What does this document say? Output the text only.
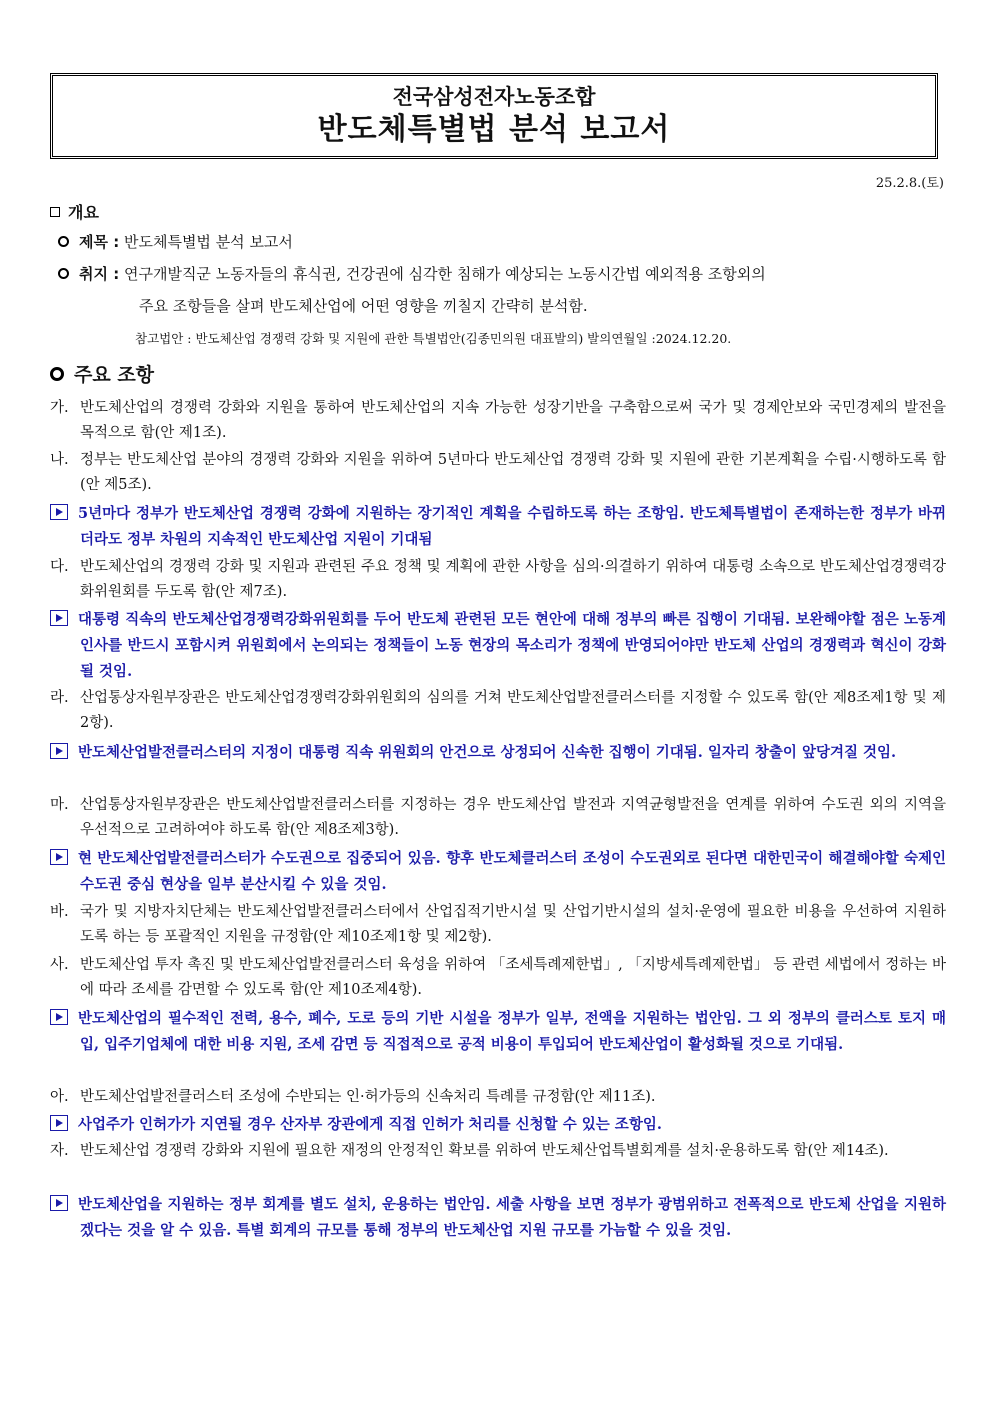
전국삼성전자노동조합
반도체특별법 분석 보고서
25.2.8.(토)
개요
제목 : 반도체특별법 분석 보고서
취지 : 연구개발직군 노동자들의 휴식권, 건강권에 심각한 침해가 예상되는 노동시간법 예외적용 조항외의
주요 조항들을 살펴 반도체산업에 어떤 영향을 끼칠지 간략히 분석함.
참고법안 : 반도체산업 경쟁력 강화 및 지원에 관한 특별법안(김종민의원 대표발의) 발의연월일 :2024.12.20.
주요 조항
가. 반도체산업의 경쟁력 강화와 지원을 통하여 반도체산업의 지속 가능한 성장기반을 구축함으로써 국가 및 경제안보와 국민경제의 발전을 목적으로 함(안 제1조).
나. 정부는 반도체산업 분야의 경쟁력 강화와 지원을 위하여 5년마다 반도체산업 경쟁력 강화 및 지원에 관한 기본계획을 수립·시행하도록 함(안 제5조).
5년마다 정부가 반도체산업 경쟁력 강화에 지원하는 장기적인 계획을 수립하도록 하는 조항임. 반도체특별법이 존재하는한 정부가 바뀌더라도 정부 차원의 지속적인 반도체산업 지원이 기대됨
다. 반도체산업의 경쟁력 강화 및 지원과 관련된 주요 정책 및 계획에 관한 사항을 심의·의결하기 위하여 대통령 소속으로 반도체산업경쟁력강화위원회를 두도록 함(안 제7조).
대통령 직속의 반도체산업경쟁력강화위원회를 두어 반도체 관련된 모든 현안에 대해 정부의 빠른 집행이 기대됨. 보완해야할 점은 노동계 인사를 반드시 포함시켜 위원회에서 논의되는 정책들이 노동 현장의 목소리가 정책에 반영되어야만 반도체 산업의 경쟁력과 혁신이 강화될 것임.
라. 산업통상자원부장관은 반도체산업경쟁력강화위원회의 심의를 거쳐 반도체산업발전클러스터를 지정할 수 있도록 함(안 제8조제1항 및 제2항).
반도체산업발전클러스터의 지정이 대통령 직속 위원회의 안건으로 상정되어 신속한 집행이 기대됨. 일자리 창출이 앞당겨질 것임.
마. 산업통상자원부장관은 반도체산업발전클러스터를 지정하는 경우 반도체산업 발전과 지역균형발전을 연계를 위하여 수도권 외의 지역을 우선적으로 고려하여야 하도록 함(안 제8조제3항).
현 반도체산업발전클러스터가 수도권으로 집중되어 있음. 향후 반도체클러스터 조성이 수도권외로 된다면 대한민국이 해결해야할 숙제인 수도권 중심 현상을 일부 분산시킬 수 있을 것임.
바. 국가 및 지방자치단체는 반도체산업발전클러스터에서 산업집적기반시설 및 산업기반시설의 설치·운영에 필요한 비용을 우선하여 지원하도록 하는 등 포괄적인 지원을 규정함(안 제10조제1항 및 제2항).
사. 반도체산업 투자 촉진 및 반도체산업발전클러스터 육성을 위하여 「조세특례제한법」, 「지방세특례제한법」 등 관련 세법에서 정하는 바에 따라 조세를 감면할 수 있도록 함(안 제10조제4항).
반도체산업의 필수적인 전력, 용수, 폐수, 도로 등의 기반 시설을 정부가 일부, 전액을 지원하는 법안임. 그 외 정부의 클러스토 토지 매입, 입주기업체에 대한 비용 지원, 조세 감면 등 직접적으로 공적 비용이 투입되어 반도체산업이 활성화될 것으로 기대됨.
아. 반도체산업발전클러스터 조성에 수반되는 인·허가등의 신속처리 특례를 규정함(안 제11조).
사업주가 인허가가 지연될 경우 산자부 장관에게 직접 인허가 처리를 신청할 수 있는 조항임.
자. 반도체산업 경쟁력 강화와 지원에 필요한 재정의 안정적인 확보를 위하여 반도체산업특별회계를 설치·운용하도록 함(안 제14조).
반도체산업을 지원하는 정부 회계를 별도 설치, 운용하는 법안임. 세출 사항을 보면 정부가 광범위하고 전폭적으로 반도체 산업을 지원하겠다는 것을 알 수 있음. 특별 회계의 규모를 통해 정부의 반도체산업 지원 규모를 가늠할 수 있을 것임.
